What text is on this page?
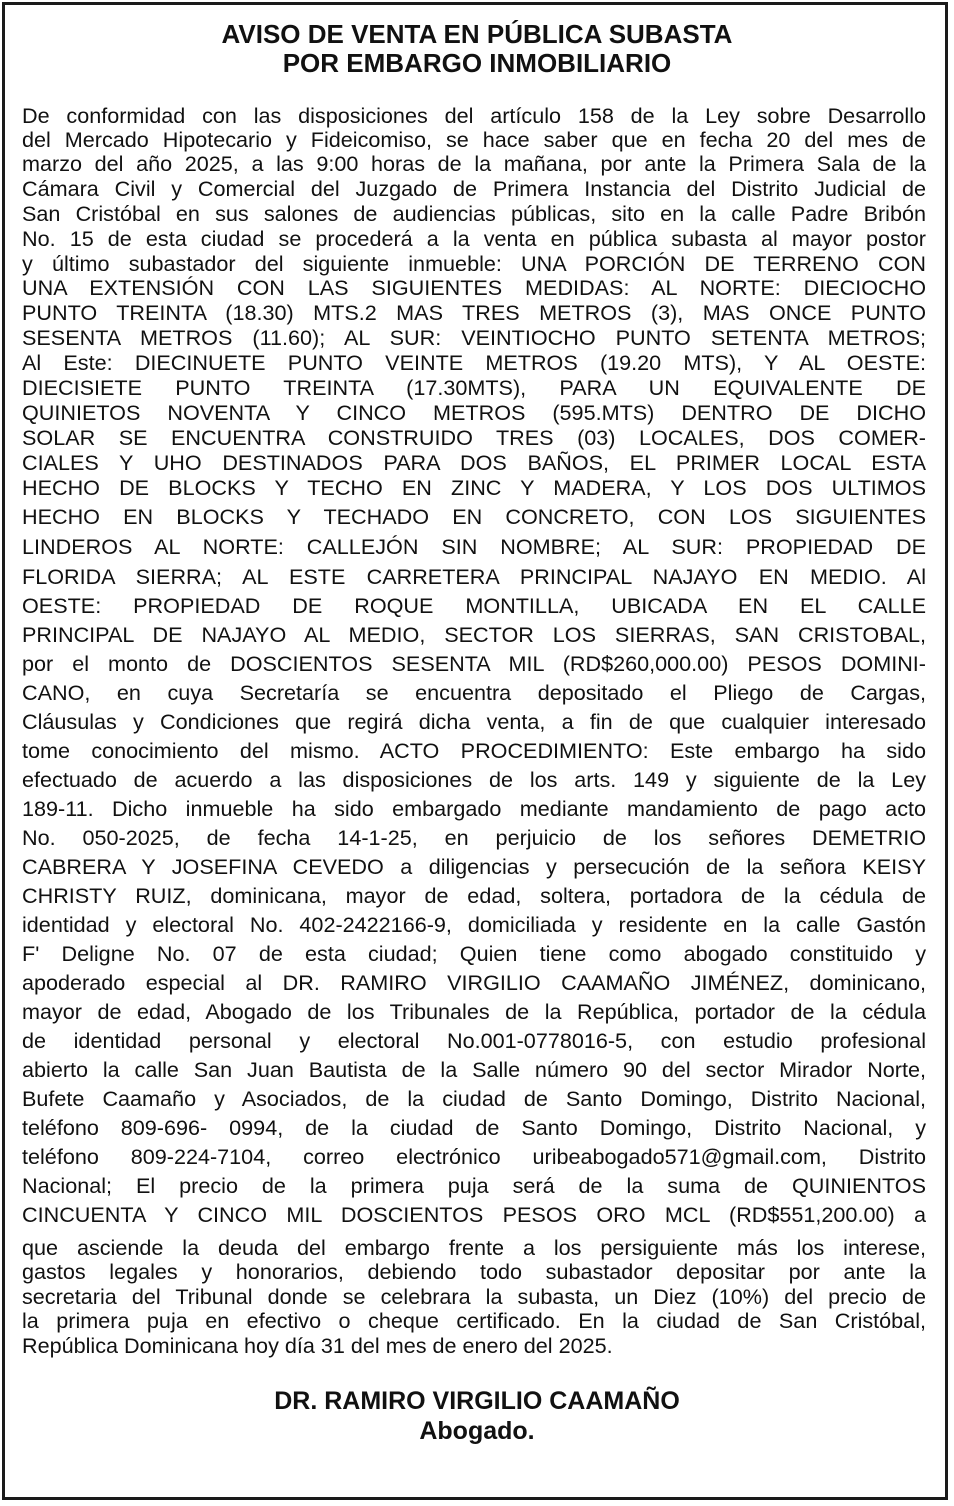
AVISO DE VENTA EN PÚBLICA SUBASTA
POR EMBARGO INMOBILIARIO

De conformidad con las disposiciones del artículo 158 de la Ley sobre Desarrollo

del Mercado Hipotecario y Fideicomiso, se hace saber que en fecha 20 del mes de

marzo del año 2025, a las 9:00 horas de la mañana, por ante la Primera Sala de la

Cámara Civil y Comercial del Juzgado de Primera Instancia del Distrito Judicial de

San Cristóbal en sus salones de audiencias públicas, sito en la calle Padre Bribón

No. 15 de esta ciudad se procederá a la venta en pública subasta al mayor postor

y último subastador del siguiente inmueble: UNA PORCIÓN DE TERRENO CON

UNA EXTENSIÓN CON LAS SIGUIENTES MEDIDAS: AL NORTE: DIECIOCHO

PUNTO TREINTA (18.30) MTS.2 MAS TRES METROS (3), MAS ONCE PUNTO

SESENTA METROS (11.60); AL SUR: VEINTIOCHO PUNTO SETENTA METROS;

Al Este: DIECINUETE PUNTO VEINTE METROS (19.20 MTS), Y AL OESTE:

DIECISIETE PUNTO TREINTA (17.30MTS), PARA UN EQUIVALENTE DE

QUINIETOS NOVENTA Y CINCO METROS (595.MTS) DENTRO DE DICHO

SOLAR SE ENCUENTRA CONSTRUIDO TRES (03) LOCALES, DOS COMER-

CIALES Y UHO DESTINADOS PARA DOS BAÑOS, EL PRIMER LOCAL ESTA

HECHO DE BLOCKS Y TECHO EN ZINC Y MADERA, Y LOS DOS ULTIMOS

HECHO EN BLOCKS Y TECHADO EN CONCRETO, CON LOS SIGUIENTES

LINDEROS AL NORTE: CALLEJÓN SIN NOMBRE; AL SUR: PROPIEDAD DE

FLORIDA SIERRA; AL ESTE CARRETERA PRINCIPAL NAJAYO EN MEDIO. Al

OESTE: PROPIEDAD DE ROQUE MONTILLA, UBICADA EN EL CALLE

PRINCIPAL DE NAJAYO AL MEDIO, SECTOR LOS SIERRAS, SAN CRISTOBAL,

por el monto de DOSCIENTOS SESENTA MIL (RD$260,000.00) PESOS DOMINI-

CANO, en cuya Secretaría se encuentra depositado el Pliego de Cargas,

Cláusulas y Condiciones que regirá dicha venta, a fin de que cualquier interesado

tome conocimiento del mismo. ACTO PROCEDIMIENTO: Este embargo ha sido

efectuado de acuerdo a las disposiciones de los arts. 149 y siguiente de la Ley

189-11. Dicho inmueble ha sido embargado mediante mandamiento de pago acto

No. 050-2025, de fecha 14-1-25, en perjuicio de los señores DEMETRIO

CABRERA Y JOSEFINA CEVEDO a diligencias y persecución de la señora KEISY

CHRISTY RUIZ, dominicana, mayor de edad, soltera, portadora de la cédula de

identidad y electoral No. 402-2422166-9, domiciliada y residente en la calle Gastón

F' Deligne No. 07 de esta ciudad; Quien tiene como abogado constituido y

apoderado especial al DR. RAMIRO VIRGILIO CAAMAÑO JIMÉNEZ, dominicano,

mayor de edad, Abogado de los Tribunales de la República, portador de la cédula

de identidad personal y electoral No.001-0778016-5, con estudio profesional

abierto la calle San Juan Bautista de la Salle número 90 del sector Mirador Norte,

Bufete Caamaño y Asociados, de la ciudad de Santo Domingo, Distrito Nacional,

teléfono 809-696- 0994, de la ciudad de Santo Domingo, Distrito Nacional, y

teléfono 809-224-7104, correo electrónico uribeabogado571@gmail.com, Distrito

Nacional; El precio de la primera puja será de la suma de QUINIENTOS

CINCUENTA Y CINCO MIL DOSCIENTOS PESOS ORO MCL (RD$551,200.00) a

que asciende la deuda del embargo frente a los persiguiente más los interese,

gastos legales y honorarios, debiendo todo subastador depositar por ante la

secretaria del Tribunal donde se celebrara la subasta, un Diez (10%) del precio de

la primera puja en efectivo o cheque certificado. En la ciudad de San Cristóbal,

República Dominicana hoy día 31 del mes de enero del 2025.

DR. RAMIRO VIRGILIO CAAMAÑO
Abogado.
